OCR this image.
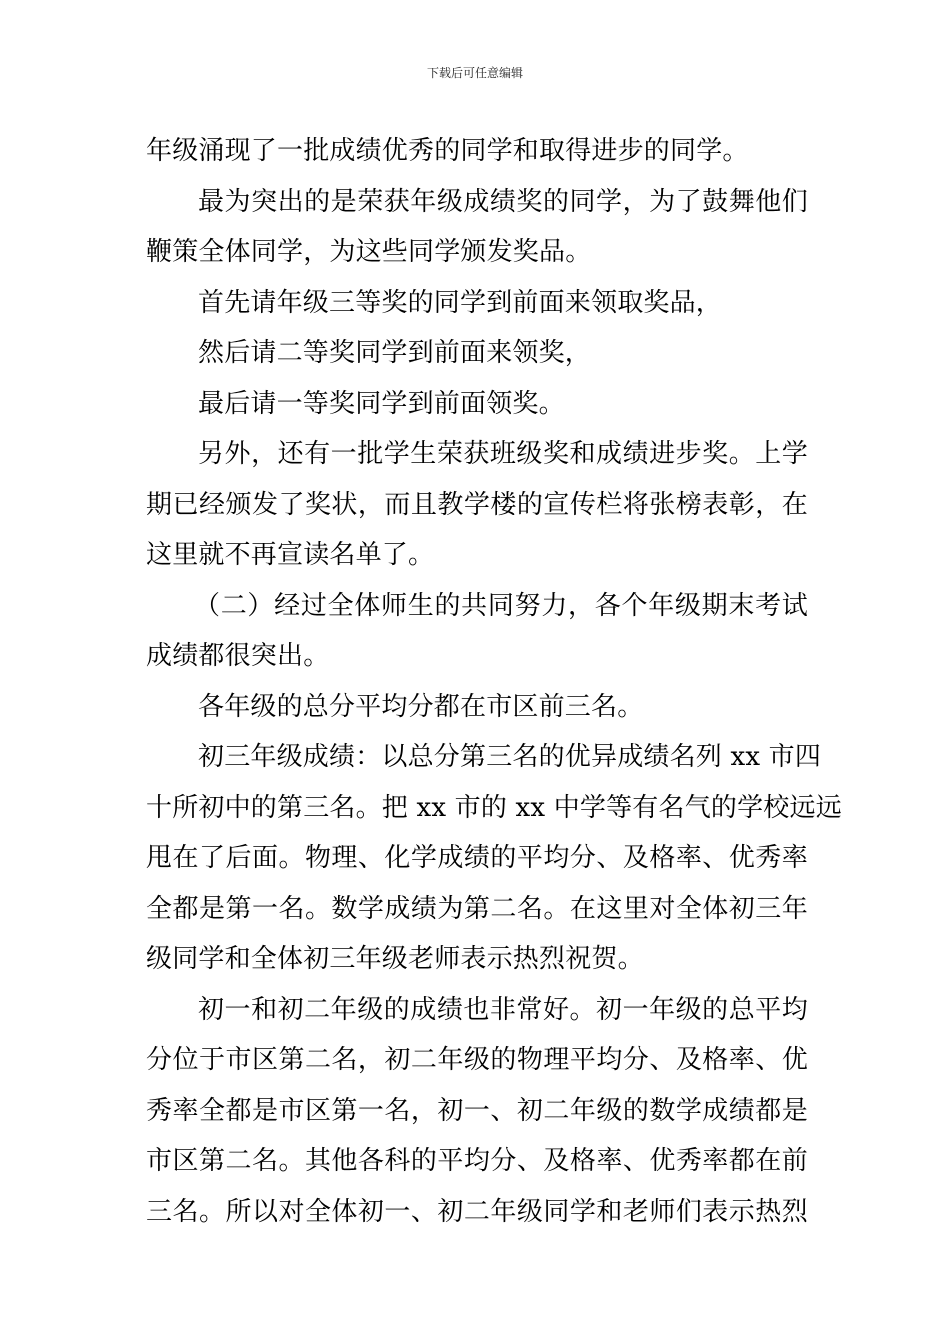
下载后可任意编辑
年级涌现了一批成绩优秀的同学和取得进步的同学。
最为突出的是荣获年级成绩奖的同学，为了鼓舞他们
鞭策全体同学，为这些同学颁发奖品。
首先请年级三等奖的同学到前面来领取奖品，
然后请二等奖同学到前面来领奖，
最后请一等奖同学到前面领奖。
另外，还有一批学生荣获班级奖和成绩进步奖。上学
期已经颁发了奖状，而且教学楼的宣传栏将张榜表彰，在
这里就不再宣读名单了。
（二）经过全体师生的共同努力，各个年级期末考试
成绩都很突出。
各年级的总分平均分都在市区前三名。
初三年级成绩：以总分第三名的优异成绩名列 xx 市四
十所初中的第三名。把 xx 市的 xx 中学等有名气的学校远远
甩在了后面。物理、化学成绩的平均分、及格率、优秀率
全都是第一名。数学成绩为第二名。在这里对全体初三年
级同学和全体初三年级老师表示热烈祝贺。
初一和初二年级的成绩也非常好。初一年级的总平均
分位于市区第二名，初二年级的物理平均分、及格率、优
秀率全都是市区第一名，初一、初二年级的数学成绩都是
市区第二名。其他各科的平均分、及格率、优秀率都在前
三名。所以对全体初一、初二年级同学和老师们表示热烈
